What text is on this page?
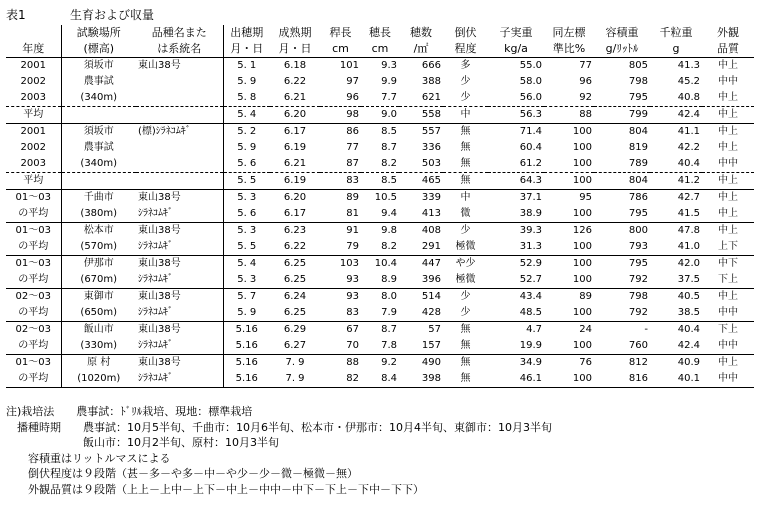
表1	生育および収量
	試験場所	品種名また	出穂期	成熟期	稈長	穂長	穂数	倒伏	子実重	同左標	容積重	千粒重	外観
年度	(標高)	は系統名	月・日	月・日	cm	cm	/㎡	程度	kg/a	準比%	g/ﾘｯﾄﾙ	g	品質
2001	須坂市	東山38号	5. 1	6.18	101	9.3	666	多	55.0	77	805	41.3	中上
2002	農事試		5. 9	6.22	97	9.9	388	少	58.0	96	798	45.2	中中
2003	(340m)		5. 8	6.21	96	7.7	621	少	56.0	92	795	40.8	中上
平均			5. 4	6.20	98	9.0	558	中	56.3	88	799	42.4	中上
2001	須坂市	(標)ｼﾗﾈｺﾑｷﾞ	5. 2	6.17	86	8.5	557	無	71.4	100	804	41.1	中上
2002	農事試		5. 9	6.19	77	8.7	336	無	60.4	100	819	42.2	中上
2003	(340m)		5. 6	6.21	87	8.2	503	無	61.2	100	789	40.4	中中
平均			5. 5	6.19	83	8.5	465	無	64.3	100	804	41.2	中上
01～03	千曲市	東山38号	5. 3	6.20	89	10.5	339	中	37.1	95	786	42.7	中上
の平均	(380m)	ｼﾗﾈｺﾑｷﾞ	5. 6	6.17	81	9.4	413	微	38.9	100	795	41.5	中上
01～03	松本市	東山38号	5. 3	6.23	91	9.8	408	少	39.3	126	800	47.8	中上
の平均	(570m)	ｼﾗﾈｺﾑｷﾞ	5. 5	6.22	79	8.2	291	極微	31.3	100	793	41.0	上下
01～03	伊那市	東山38号	5. 4	6.25	103	10.4	447	や少	52.9	100	795	42.0	中下
の平均	(670m)	ｼﾗﾈｺﾑｷﾞ	5. 3	6.25	93	8.9	396	極微	52.7	100	792	37.5	下上
02～03	東御市	東山38号	5. 7	6.24	93	8.0	514	少	43.4	89	798	40.5	中上
の平均	(650m)	ｼﾗﾈｺﾑｷﾞ	5. 9	6.25	83	7.9	428	少	48.5	100	792	38.5	中中
02～03	飯山市	東山38号	5.16	6.29	67	8.7	57	無	4.7	24	-	40.4	下上
の平均	(330m)	ｼﾗﾈｺﾑｷﾞ	5.16	6.27	70	7.8	157	無	19.9	100	760	42.4	中中
01～03	原 村	東山38号	5.16	7. 9	88	9.2	490	無	34.9	76	812	40.9	中上
の平均	(1020m)	ｼﾗﾈｺﾑｷﾞ	5.16	7. 9	82	8.4	398	無	46.1	100	816	40.1	中中
注)栽培法　　農事試：ﾄﾞﾘﾙ栽培、現地：標準栽培
　播種時期　　農事試：10月5半旬、千曲市：10月6半旬、松本市・伊那市：10月4半旬、東御市：10月3半旬
　　　　　　　飯山市：10月2半旬、原村：10月3半旬
　　容積重はリットルマスによる
　　倒伏程度は９段階（甚－多－や多－中－や少－少－微－極微－無）
　　外観品質は９段階（上上－上中－上下－中上－中中－中下－下上－下中－下下）
